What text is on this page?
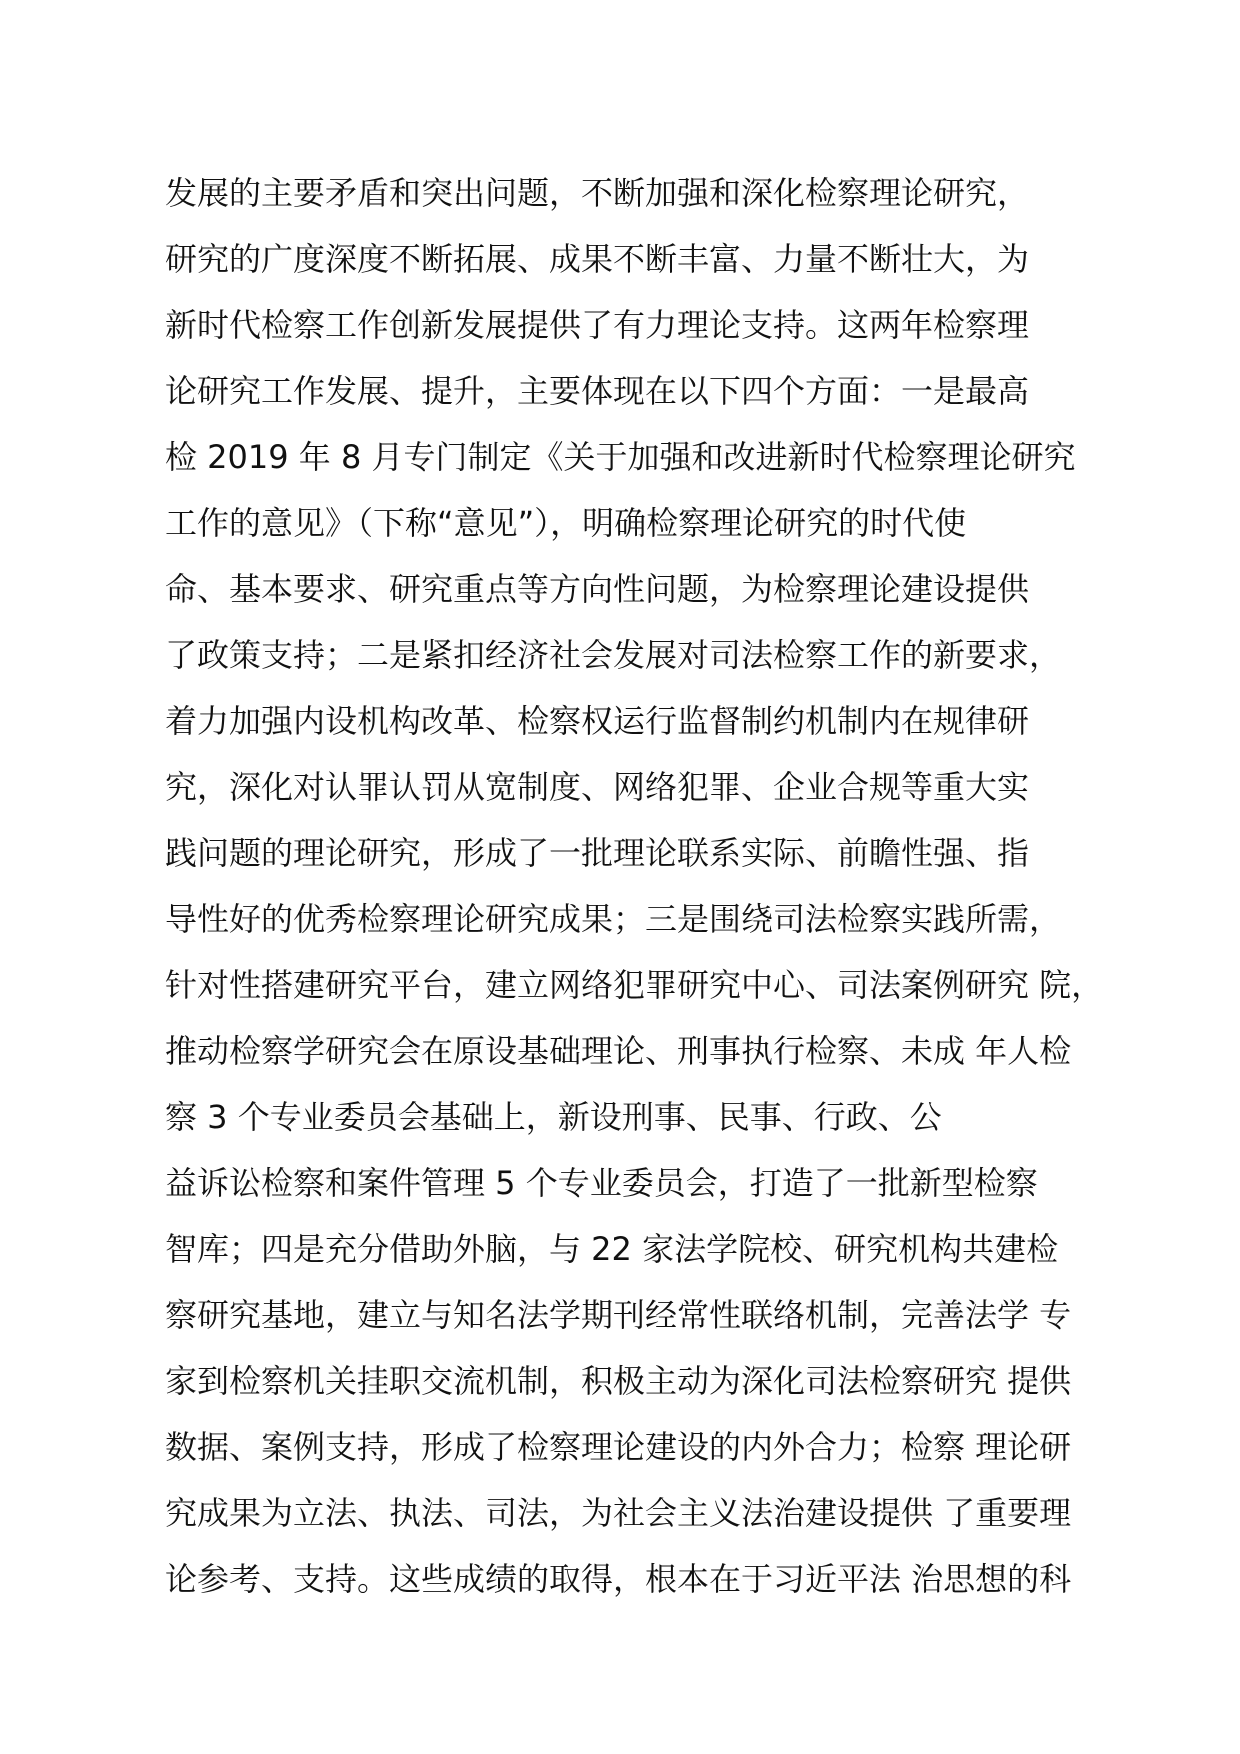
发展的主要矛盾和突出问题，不断加强和深化检察理论研究，
研究的广度深度不断拓展、成果不断丰富、力量不断壮大，为
新时代检察工作创新发展提供了有力理论支持。这两年检察理
论研究工作发展、提升，主要体现在以下四个方面：一是最高
检 2019 年 8 月专门制定《关于加强和改进新时代检察理论研究
工作的意见》（下称“意见”），明确检察理论研究的时代使
命、基本要求、研究重点等方向性问题，为检察理论建设提供
了政策支持；二是紧扣经济社会发展对司法检察工作的新要求，
着力加强内设机构改革、检察权运行监督制约机制内在规律研
究，深化对认罪认罚从宽制度、网络犯罪、企业合规等重大实
践问题的理论研究，形成了一批理论联系实际、前瞻性强、指
导性好的优秀检察理论研究成果；三是围绕司法检察实践所需，
针对性搭建研究平台，建立网络犯罪研究中心、司法案例研究 院，
推动检察学研究会在原设基础理论、刑事执行检察、未成 年人检
察 3 个专业委员会基础上，新设刑事、民事、行政、公
益诉讼检察和案件管理 5 个专业委员会，打造了一批新型检察
智库；四是充分借助外脑，与 22 家法学院校、研究机构共建检
察研究基地，建立与知名法学期刊经常性联络机制，完善法学 专
家到检察机关挂职交流机制，积极主动为深化司法检察研究 提供
数据、案例支持，形成了检察理论建设的内外合力；检察 理论研
究成果为立法、执法、司法，为社会主义法治建设提供 了重要理
论参考、支持。这些成绩的取得，根本在于习近平法 治思想的科
